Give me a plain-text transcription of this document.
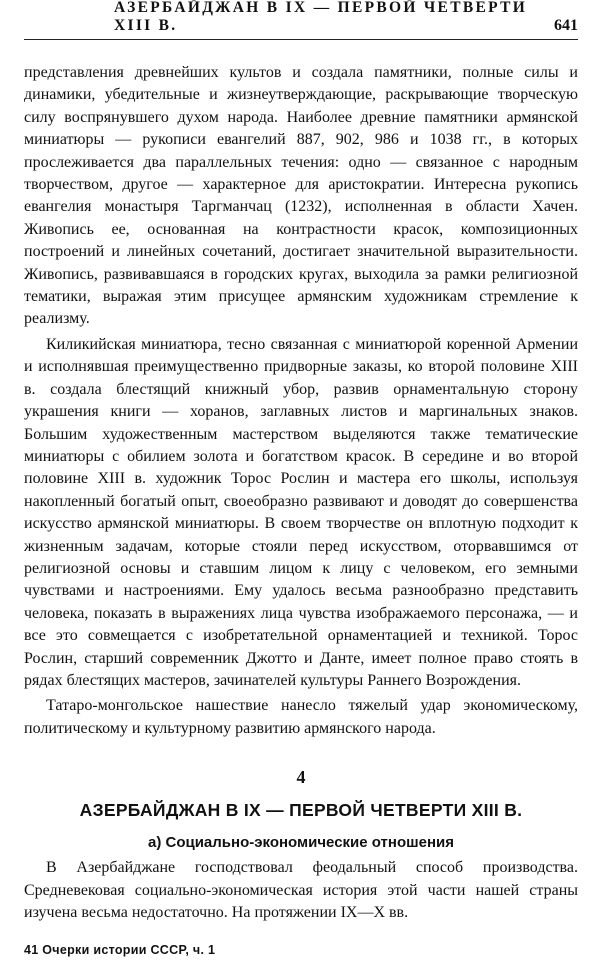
АЗЕРБАЙДЖАН В IX — ПЕРВОЙ ЧЕТВЕРТИ XIII В.	641

представления древнейших культов и создала памятники, полные силы и динамики, убедительные и жизнеутверждающие, раскрывающие творческую силу воспрянувшего духом народа. Наиболее древние памятники армянской миниатюры — рукописи евангелий 887, 902, 986 и 1038 гг., в которых прослеживается два параллельных течения: одно — связанное с народным творчеством, другое — характерное для аристократии. Интересна рукопись евангелия монастыря Таргманчац (1232), исполненная в области Хачен. Живопись ее, основанная на контрастности красок, композиционных построений и линейных сочетаний, достигает значительной выразительности. Живопись, развивавшаяся в городских кругах, выходила за рамки религиозной тематики, выражая этим присущее армянским художникам стремление к реализму.

Киликийская миниатюра, тесно связанная с миниатюрой коренной Армении и исполнявшая преимущественно придворные заказы, ко второй половине XIII в. создала блестящий книжный убор, развив орнаментальную сторону украшения книги — хоранов, заглавных листов и маргинальных знаков. Большим художественным мастерством выделяются также тематические миниатюры с обилием золота и богатством красок. В середине и во второй половине XIII в. художник Торос Рослин и мастера его школы, используя накопленный богатый опыт, своеобразно развивают и доводят до совершенства искусство армянской миниатюры. В своем творчестве он вплотную подходит к жизненным задачам, которые стояли перед искусством, оторвавшимся от религиозной основы и ставшим лицом к лицу с человеком, его земными чувствами и настроениями. Ему удалось весьма разнообразно представить человека, показать в выражениях лица чувства изображаемого персонажа, — и все это совмещается с изобретательной орнаментацией и техникой. Торос Рослин, старший современник Джотто и Данте, имеет полное право стоять в рядах блестящих мастеров, зачинателей культуры Раннего Возрождения.

Татаро-монгольское нашествие нанесло тяжелый удар экономическому, политическому и культурному развитию армянского народа.

4
АЗЕРБАЙДЖАН В IX — ПЕРВОЙ ЧЕТВЕРТИ XIII В.
а) Социально-экономические отношения

В Азербайджане господствовал феодальный способ производства. Средневековая социально-экономическая история этой части нашей страны изучена весьма недостаточно. На протяжении IX—X вв.

41 Очерки истории СССР, ч. 1
